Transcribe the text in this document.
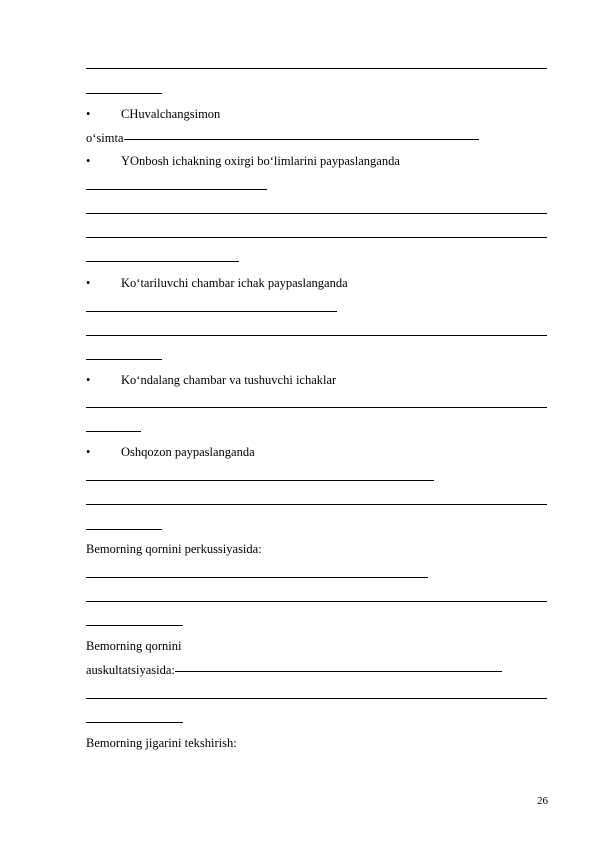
• CHuvalchangsimon
o‘simta
• YOnbosh ichakning oxirgi bo‘limlarini paypaslanganda
• Ko‘tariluvchi chambar ichak paypaslanganda
• Ko‘ndalang chambar va tushuvchi ichaklar
• Oshqozon paypaslanganda
Bemorning qornini perkussiyasida:
Bemorning qornini
auskultatsiyasida:
Bemorning jigarini tekshirish:
26
